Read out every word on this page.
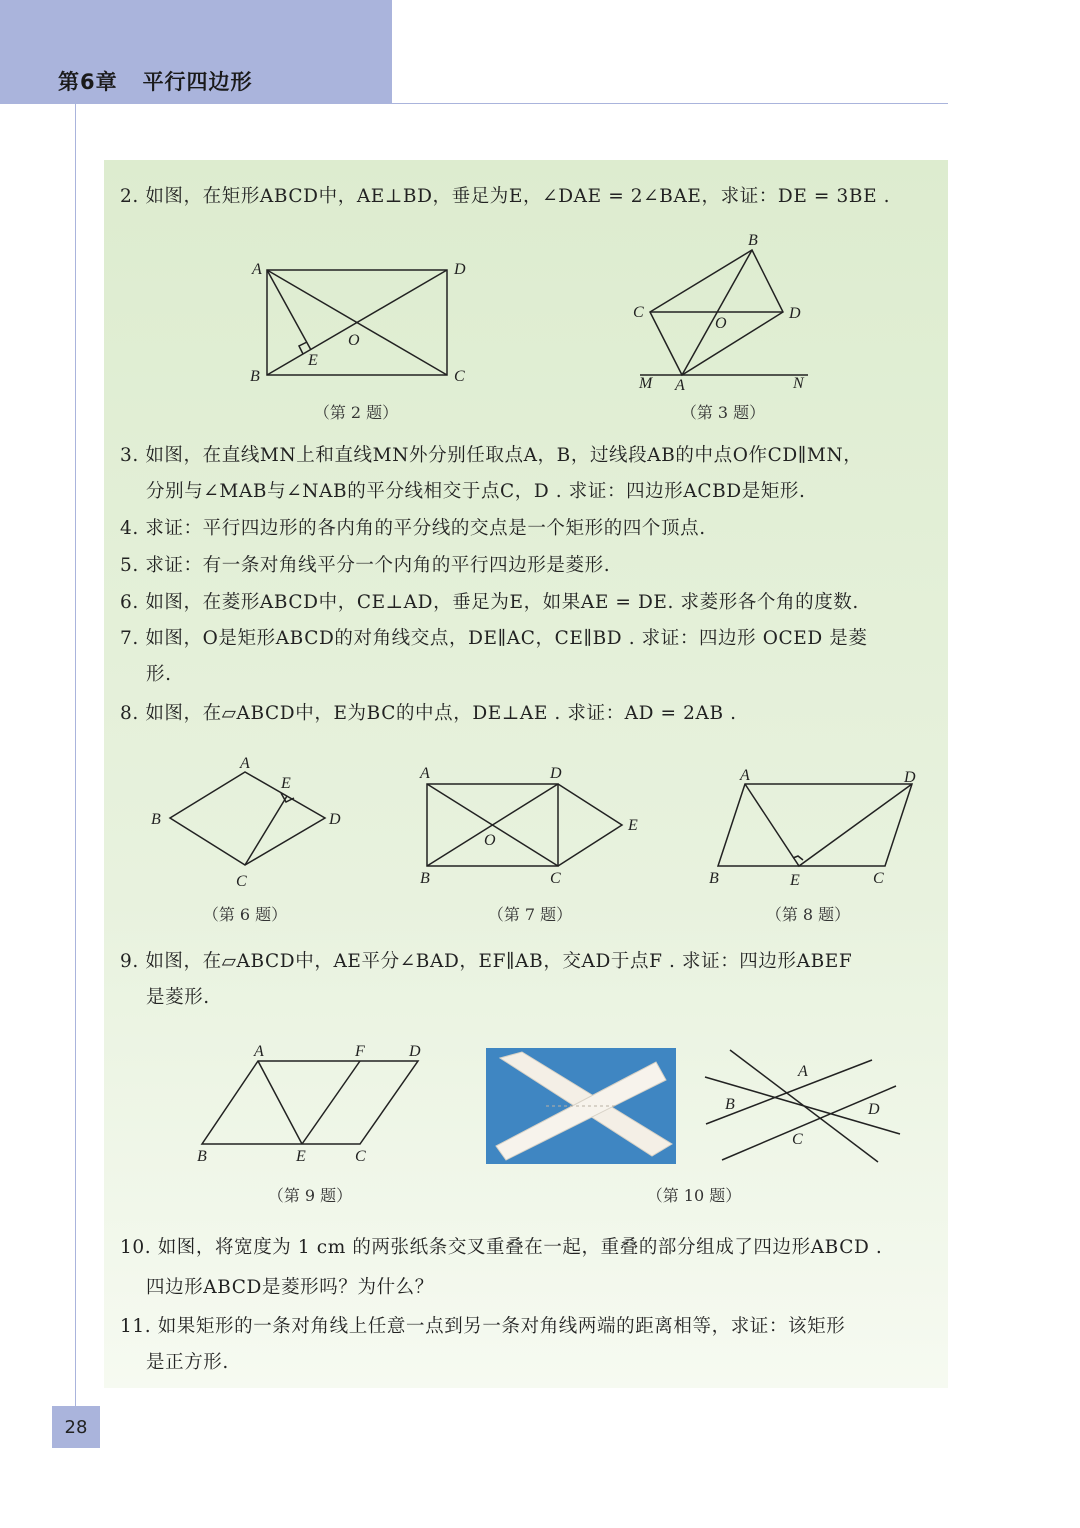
第6章 平行四边形
2. 如图，在矩形ABCD中，AE⊥BD，垂足为E，∠DAE = 2∠BAE，求证：DE = 3BE .
A	D
B	C
E
O
（第 2 题）
B
C	D
O
M A	N
（第 3 题）
3. 如图，在直线MN上和直线MN外分别任取点A，B，过线段AB的中点O作CD∥MN，
分别与∠MAB与∠NAB的平分线相交于点C，D . 求证：四边形ACBD是矩形.
4. 求证：平行四边形的各内角的平分线的交点是一个矩形的四个顶点.
5. 求证：有一条对角线平分一个内角的平行四边形是菱形.
6. 如图，在菱形ABCD中，CE⊥AD，垂足为E，如果AE = DE. 求菱形各个角的度数.
7. 如图，O是矩形ABCD的对角线交点，DE∥AC，CE∥BD . 求证：四边形 OCED 是菱
形.
8. 如图，在▱ABCD中，E为BC的中点，DE⊥AE . 求证：AD = 2AB .
A
E
B	D
C
（第 6 题）
A	D
E
O
B	C
（第 7 题）
A	D
B	E	C
（第 8 题）
9. 如图，在▱ABCD中，AE平分∠BAD，EF∥AB，交AD于点F . 求证：四边形ABEF
是菱形.
A	F	D
B	E	C
（第 9 题）
A
B	D
C
（第 10 题）
10. 如图，将宽度为 1 cm 的两张纸条交叉重叠在一起，重叠的部分组成了四边形ABCD .
四边形ABCD是菱形吗？为什么？
11. 如果矩形的一条对角线上任意一点到另一条对角线两端的距离相等，求证：该矩形
是正方形.
28
